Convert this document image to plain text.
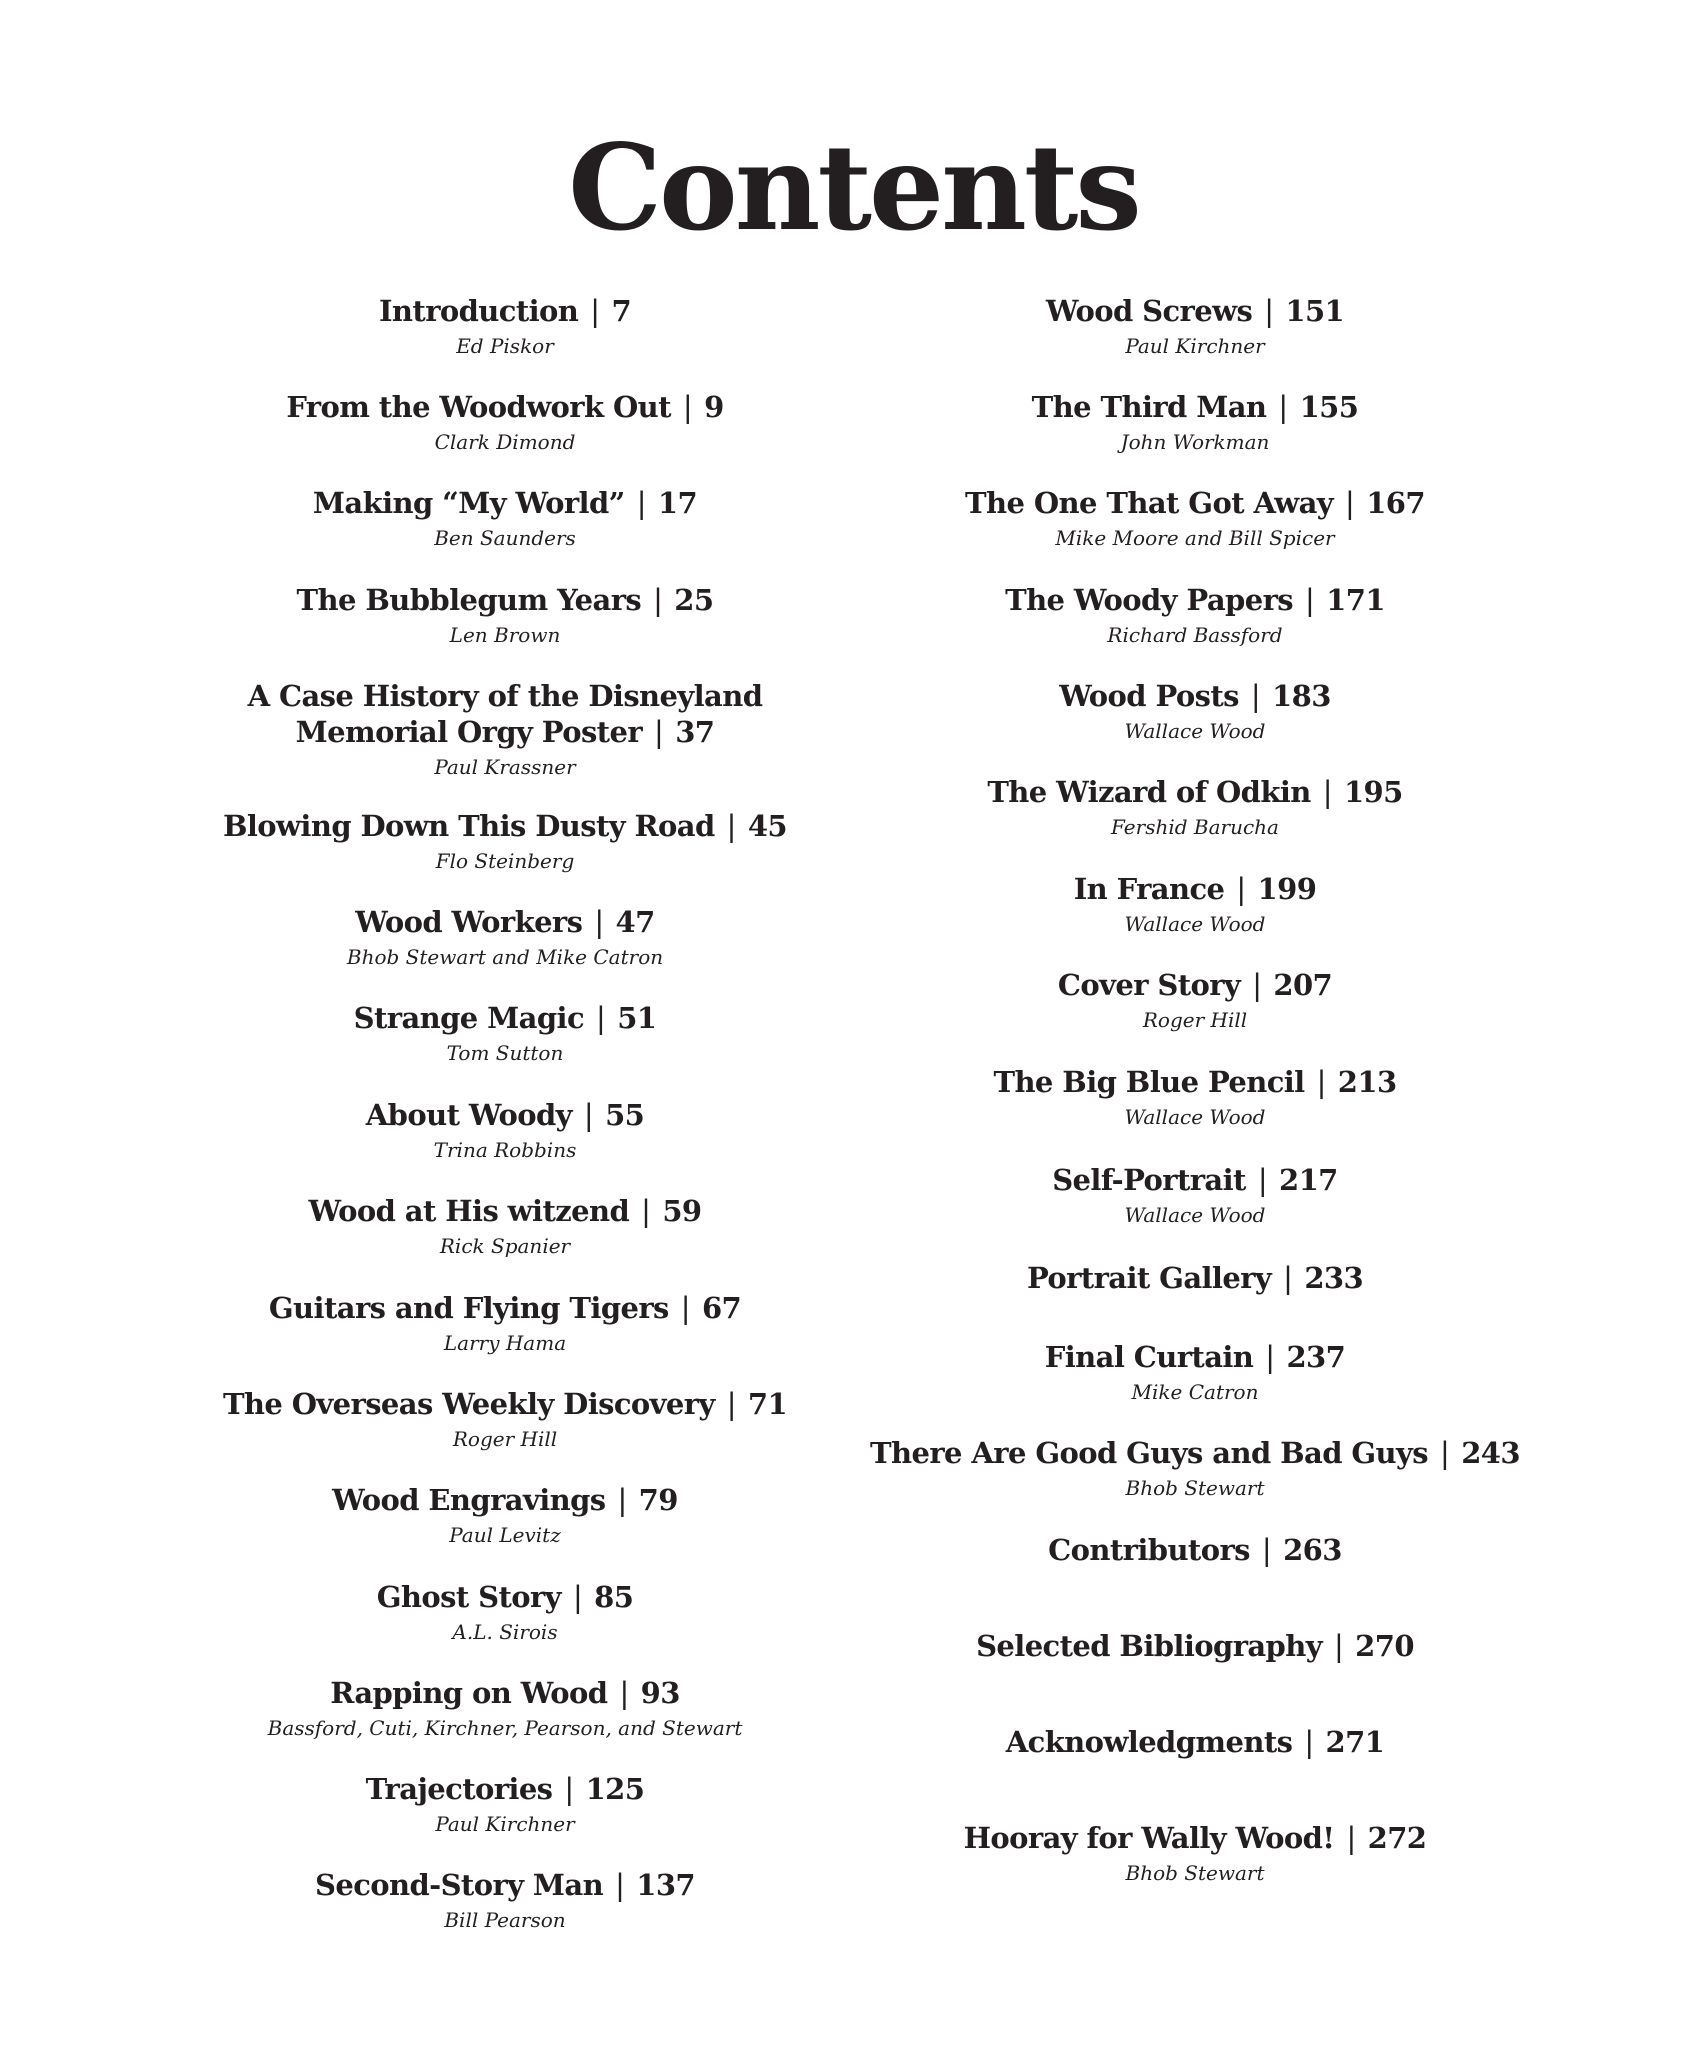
Contents
Introduction | 7
Ed Piskor
From the Woodwork Out | 9
Clark Dimond
Making “My World” | 17
Ben Saunders
The Bubblegum Years | 25
Len Brown
A Case History of the Disneyland
Memorial Orgy Poster | 37
Paul Krassner
Blowing Down This Dusty Road | 45
Flo Steinberg
Wood Workers | 47
Bhob Stewart and Mike Catron
Strange Magic | 51
Tom Sutton
About Woody | 55
Trina Robbins
Wood at His witzend | 59
Rick Spanier
Guitars and Flying Tigers | 67
Larry Hama
The Overseas Weekly Discovery | 71
Roger Hill
Wood Engravings | 79
Paul Levitz
Ghost Story | 85
A.L. Sirois
Rapping on Wood | 93
Bassford, Cuti, Kirchner, Pearson, and Stewart
Trajectories | 125
Paul Kirchner
Second-Story Man | 137
Bill Pearson
Wood Screws | 151
Paul Kirchner
The Third Man | 155
John Workman
The One That Got Away | 167
Mike Moore and Bill Spicer
The Woody Papers | 171
Richard Bassford
Wood Posts | 183
Wallace Wood
The Wizard of Odkin | 195
Fershid Barucha
In France | 199
Wallace Wood
Cover Story | 207
Roger Hill
The Big Blue Pencil | 213
Wallace Wood
Self-Portrait | 217
Wallace Wood
Portrait Gallery | 233
Final Curtain | 237
Mike Catron
There Are Good Guys and Bad Guys | 243
Bhob Stewart
Contributors | 263
Selected Bibliography | 270
Acknowledgments | 271
Hooray for Wally Wood! | 272
Bhob Stewart
